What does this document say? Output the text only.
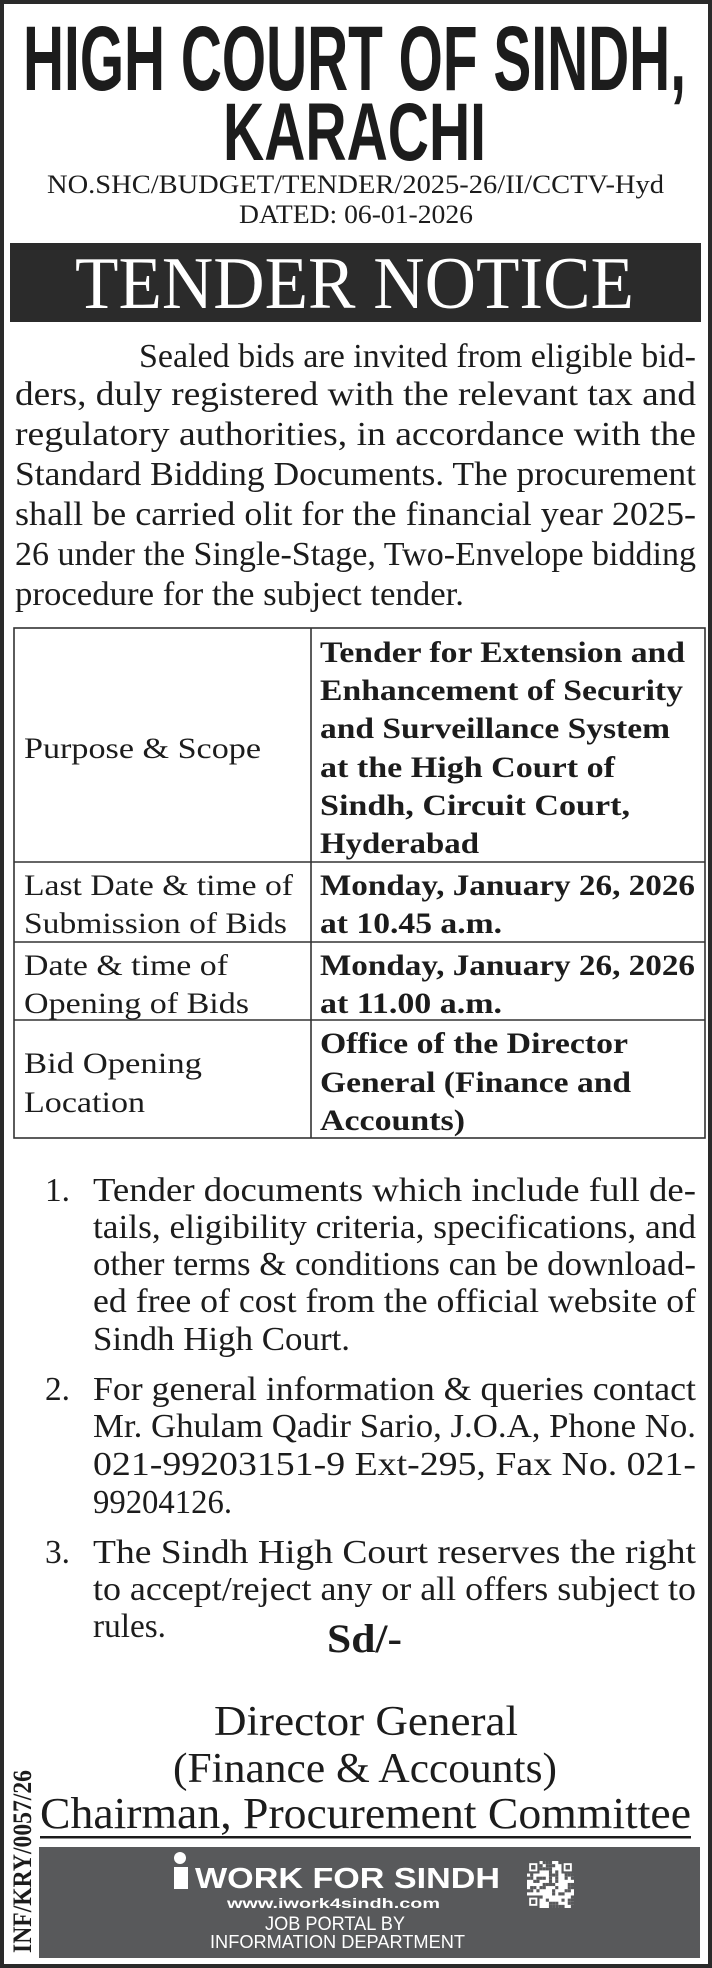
HIGH COURT OF SINDH,
KARACHI
NO.SHC/BUDGET/TENDER/2025-26/II/CCTV-Hyd
DATED: 06-01-2026
TENDER NOTICE
Sealed bids are invited from eligible bid-
ders, duly registered with the relevant tax and
regulatory authorities, in accordance with the
Standard Bidding Documents. The procurement
shall be carried olit for the financial year 2025-
26 under the Single-Stage, Two-Envelope bidding
procedure for the subject tender.
Purpose & Scope
Tender for Extension and
Enhancement of Security
and Surveillance System
at the High Court of
Sindh, Circuit Court,
Hyderabad
Last Date & time of
Submission of Bids
Monday, January 26, 2026
at 10.45 a.m.
Date & time of
Opening of Bids
Monday, January 26, 2026
at 11.00 a.m.
Bid Opening
Location
Office of the Director
General (Finance and
Accounts)
1. Tender documents which include full de-
tails, eligibility criteria, specifications, and
other terms & conditions can be download-
ed free of cost from the official website of
Sindh High Court.
2. For general information & queries contact
Mr. Ghulam Qadir Sario, J.O.A, Phone No.
021-99203151-9 Ext-295, Fax No. 021-
99204126.
3. The Sindh High Court reserves the right
to accept/reject any or all offers subject to
rules.	Sd/-
Director General
(Finance & Accounts)
Chairman, Procurement Committee
WORK FOR SINDH
www.iwork4sindh.com
JOB PORTAL BY
INFORMATION DEPARTMENT
INF/KRY/0057/26
